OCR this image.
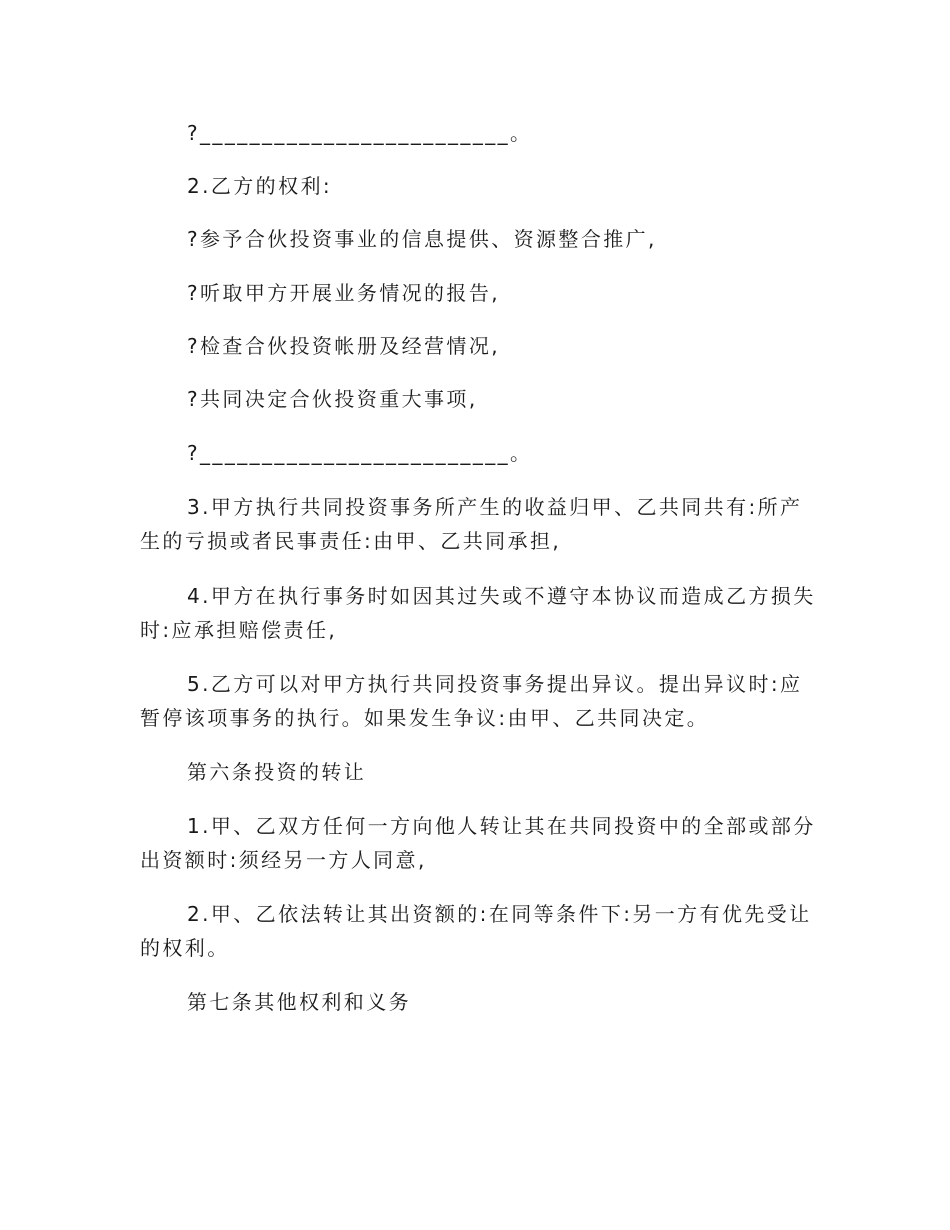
?_________________________。
2.乙方的权利:
?参予合伙投资事业的信息提供、资源整合推广,
?听取甲方开展业务情况的报告,
?检查合伙投资帐册及经营情况,
?共同决定合伙投资重大事项,
?_________________________。
3.甲方执行共同投资事务所产生的收益归甲、乙共同共有:所产生的亏损或者民事责任:由甲、乙共同承担,
4.甲方在执行事务时如因其过失或不遵守本协议而造成乙方损失时:应承担赔偿责任,
5.乙方可以对甲方执行共同投资事务提出异议。提出异议时:应暂停该项事务的执行。如果发生争议:由甲、乙共同决定。
第六条投资的转让
1.甲、乙双方任何一方向他人转让其在共同投资中的全部或部分出资额时:须经另一方人同意,
2.甲、乙依法转让其出资额的:在同等条件下:另一方有优先受让的权利。
第七条其他权利和义务
